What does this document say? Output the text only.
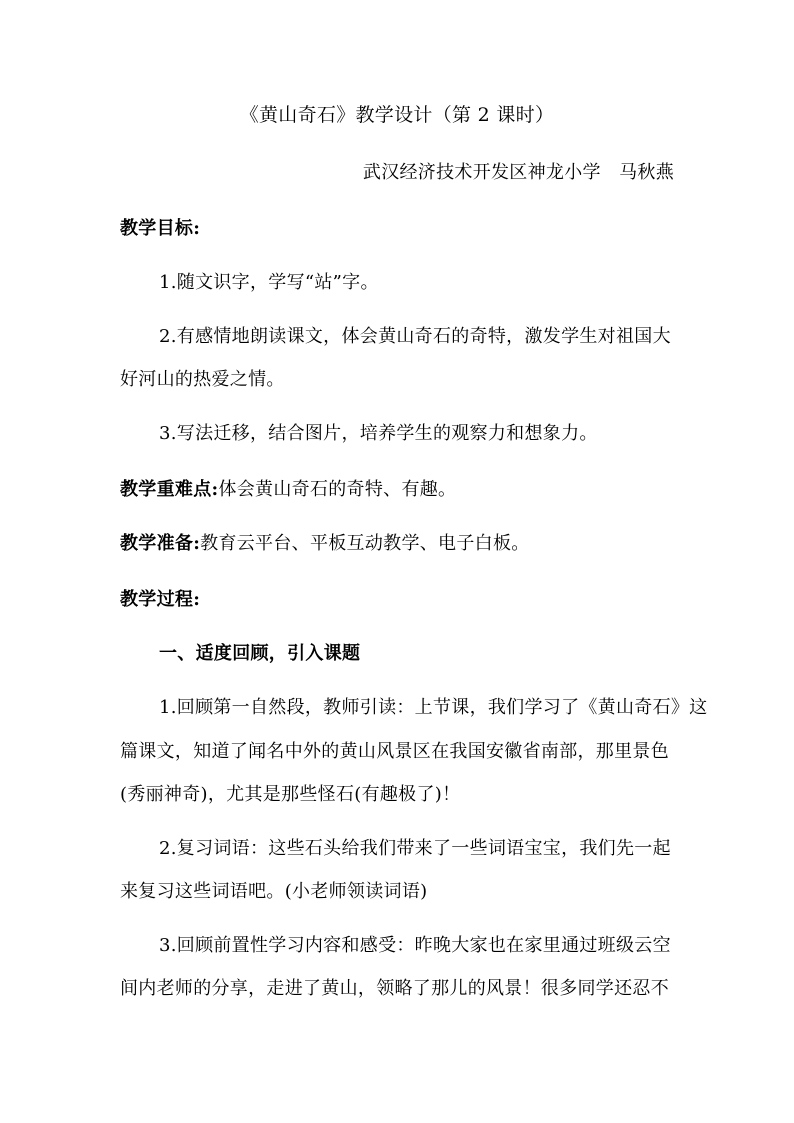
《黄山奇石》教学设计（第 2 课时）
武汉经济技术开发区神龙小学　马秋燕
教学目标:
1.随文识字，学写“站”字。
2.有感情地朗读课文，体会黄山奇石的奇特，激发学生对祖国大
好河山的热爱之情。
3.写法迁移，结合图片，培养学生的观察力和想象力。
教学重难点:体会黄山奇石的奇特、有趣。
教学准备:教育云平台、平板互动教学、电子白板。
教学过程:
一、适度回顾，引入课题
1.回顾第一自然段，教师引读：上节课，我们学习了《黄山奇石》这
篇课文，知道了闻名中外的黄山风景区在我国安徽省南部，那里景色
(秀丽神奇)，尤其是那些怪石(有趣极了)！
2.复习词语：这些石头给我们带来了一些词语宝宝，我们先一起
来复习这些词语吧。(小老师领读词语)
3.回顾前置性学习内容和感受：昨晚大家也在家里通过班级云空
间内老师的分享，走进了黄山，领略了那儿的风景！很多同学还忍不
